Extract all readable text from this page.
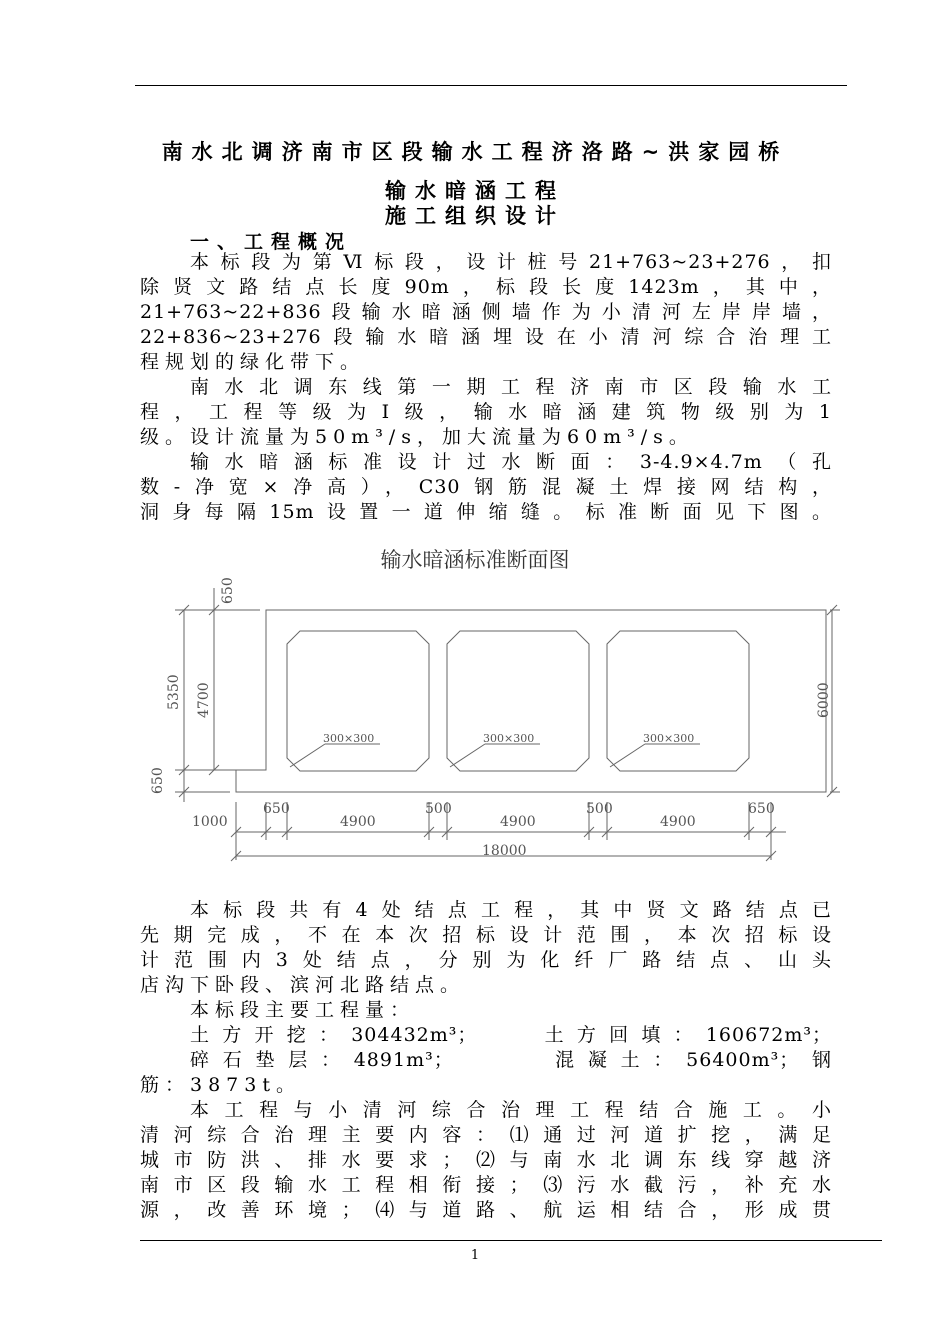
南水北调济南市区段输水工程济洛路~洪家园桥
输水暗涵工程
施工组织设计
一、工程概况
本标段为第Ⅵ标段，设计桩号21+763~23+276，扣
除贤文路结点长度90m，标段长度1423m，其中，
21+763~22+836段输水暗涵侧墙作为小清河左岸岸墙，
22+836~23+276段输水暗涵埋设在小清河综合治理工
程规划的绿化带下。
南水北调东线第一期工程济南市区段输水工
程，工程等级为Ⅰ级，输水暗涵建筑物级别为1
级。设计流量为50m³/s，加大流量为60m³/s。
输水暗涵标准设计过水断面：3-4.9×4.7m（孔
数-净宽×净高），C30钢筋混凝土焊接网结构，
洞身每隔15m设置一道伸缩缝。标准断面见下图。
输水暗涵标准断面图
650
5350 4700
650
6000
300×300	300×300	300×300
650	500	500	650
1000	4900	4900	4900
18000
本标段共有4处结点工程，其中贤文路结点已
先期完成，不在本次招标设计范围，本次招标设
计范围内3处结点，分别为化纤厂路结点、山头
店沟下卧段、滨河北路结点。
本标段主要工程量：
土方开挖：304432m³；　　土方回填：160672m³；
碎石垫层：4891m³；　　　混凝土：56400m³；钢
筋：3873t。
本工程与小清河综合治理工程结合施工。小
清河综合治理主要内容：⑴通过河道扩挖，满足
城市防洪、排水要求；⑵与南水北调东线穿越济
南市区段输水工程相衔接；⑶污水截污，补充水
源，改善环境；⑷与道路、航运相结合，形成贯
1
